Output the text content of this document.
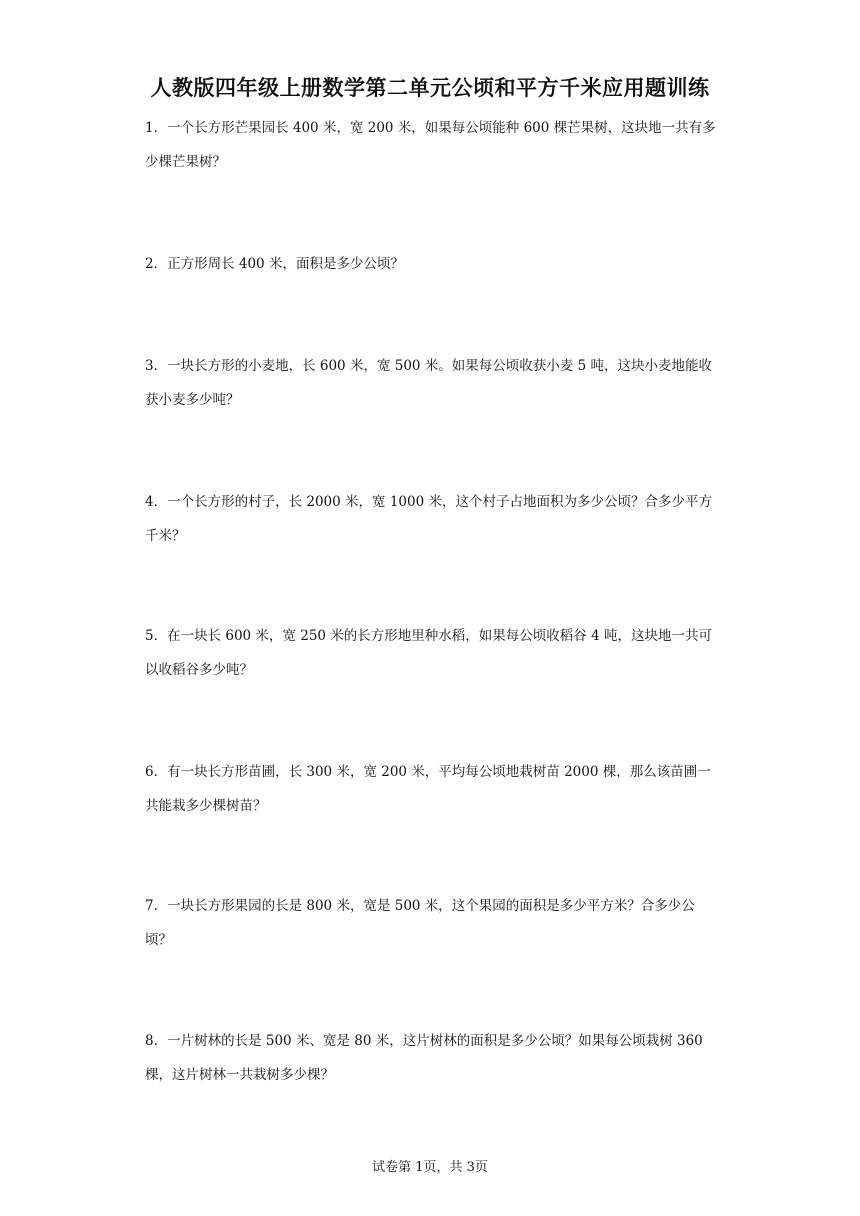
人教版四年级上册数学第二单元公顷和平方千米应用题训练
1．一个长方形芒果园长 400 米，宽 200 米，如果每公顷能种 600 棵芒果树，这块地一共有多少棵芒果树？
2．正方形周长 400 米，面积是多少公顷？
3．一块长方形的小麦地，长 600 米，宽 500 米。如果每公顷收获小麦 5 吨，这块小麦地能收获小麦多少吨？
4．一个长方形的村子，长 2000 米，宽 1000 米，这个村子占地面积为多少公顷？合多少平方千米？
5．在一块长 600 米，宽 250 米的长方形地里种水稻，如果每公顷收稻谷 4 吨，这块地一共可以收稻谷多少吨？
6．有一块长方形苗圃，长 300 米，宽 200 米，平均每公顷地栽树苗 2000 棵，那么该苗圃一共能栽多少棵树苗？
7．一块长方形果园的长是 800 米，宽是 500 米，这个果园的面积是多少平方米？合多少公顷？
8．一片树林的长是 500 米、宽是 80 米，这片树林的面积是多少公顷？如果每公顷栽树 360 棵，这片树林一共栽树多少棵？
试卷第 1页，共 3页
